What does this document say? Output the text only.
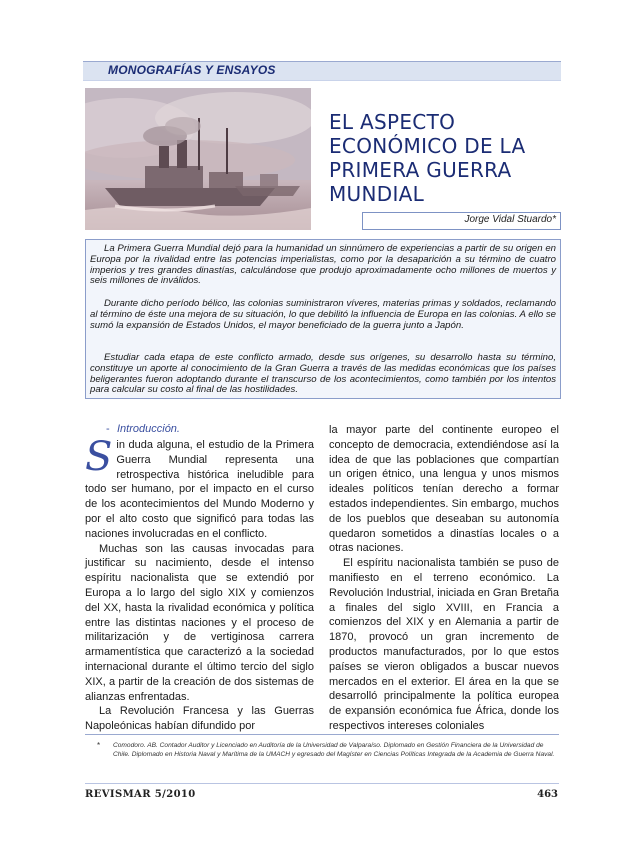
MONOGRAFÍAS Y ENSAYOS
EL ASPECTO
ECONÓMICO DE LA
PRIMERA GUERRA
MUNDIAL
Jorge Vidal Stuardo*

La Primera Guerra Mundial dejó para la humanidad un sinnúmero de experiencias a partir de su origen en Europa por la rivalidad entre las potencias imperialistas, como por la desaparición a su término de cuatro imperios y tres grandes dinastías, calculándose que produjo aproximadamente ocho millones de muertos y seis millones de inválidos.

Durante dicho período bélico, las colonias suministraron víveres, materias primas y soldados, reclamando al término de éste una mejora de su situación, lo que debilitó la influencia de Europa en las colonias. A ello se sumó la expansión de Estados Unidos, el mayor beneficiado de la guerra junto a Japón.

Estudiar cada etapa de este conflicto armado, desde sus orígenes, su desarrollo hasta su término, constituye un aporte al conocimiento de la Gran Guerra a través de las medidas económicas que los países beligerantes fueron adoptando durante el transcurso de los acontecimientos, como también por los intentos para calcular su costo al final de las hostilidades.

- Introducción.

Sin duda alguna, el estudio de la Primera Guerra Mundial representa una retrospectiva histórica ineludible para todo ser humano, por el impacto en el curso de los acontecimientos del Mundo Moderno y por el alto costo que significó para todas las naciones involucradas en el conflicto.

Muchas son las causas invocadas para justificar su nacimiento, desde el intenso espíritu nacionalista que se extendió por Europa a lo largo del siglo XIX y comienzos del XX, hasta la rivalidad económica y política entre las distintas naciones y el proceso de militarización y de vertiginosa carrera armamentística que caracterizó a la sociedad internacional durante el último tercio del siglo XIX, a partir de la creación de dos sistemas de alianzas enfrentadas.

La Revolución Francesa y las Guerras Napoleónicas habían difundido por

la mayor parte del continente europeo el concepto de democracia, extendiéndose así la idea de que las poblaciones que compartían un origen étnico, una lengua y unos mismos ideales políticos tenían derecho a formar estados independientes. Sin embargo, muchos de los pueblos que deseaban su autonomía quedaron sometidos a dinastías locales o a otras naciones.

El espíritu nacionalista también se puso de manifiesto en el terreno económico. La Revolución Industrial, iniciada en Gran Bretaña a finales del siglo XVIII, en Francia a comienzos del XIX y en Alemania a partir de 1870, provocó un gran incremento de productos manufacturados, por lo que estos países se vieron obligados a buscar nuevos mercados en el exterior. El área en la que se desarrolló principalmente la política europea de expansión económica fue África, donde los respectivos intereses coloniales

* Comodoro. AB. Contador Auditor y Licenciado en Auditoría de la Universidad de Valparaíso. Diplomado en Gestión Financiera de la Universidad de Chile. Diplomado en Historia Naval y Marítima de la UMACH y egresado del Magíster en Ciencias Políticas Integrada de la Academia de Guerra Naval.
REVISMAR 5/2010	463
